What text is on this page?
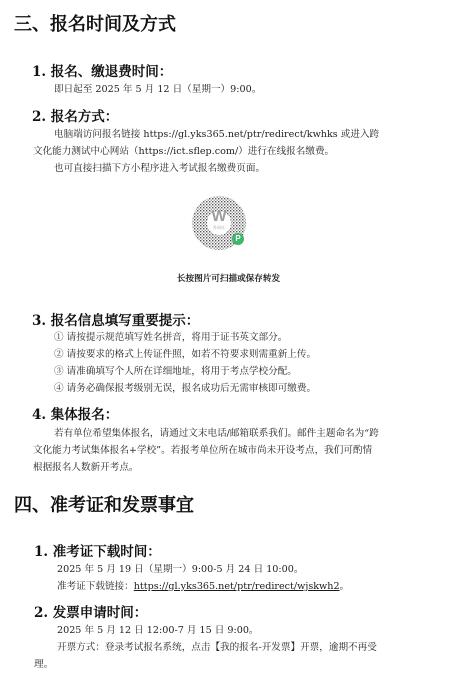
三、报名时间及方式
1. 报名、缴退费时间：
即日起至 2025 年 5 月 12 日（星期一）9:00。
2. 报名方式：
电脑端访问报名链接 https://gl.yks365.net/ptr/redirect/kwhks 或进入跨
文化能力测试中心网站（https://ict.sflep.com/）进行在线报名缴费。
也可直接扫描下方小程序进入考试报名缴费页面。
W
外研社
P
长按图片可扫描或保存转发
3. 报名信息填写重要提示：
① 请按提示规范填写姓名拼音，将用于证书英文部分。
② 请按要求的格式上传证件照，如若不符要求则需重新上传。
③ 请准确填写个人所在详细地址，将用于考点学校分配。
④ 请务必确保报考级别无误，报名成功后无需审核即可缴费。
4. 集体报名：
若有单位希望集体报名，请通过文末电话/邮箱联系我们。邮件主题命名为“跨
文化能力考试集体报名+学校”。若报考单位所在城市尚未开设考点，我们可酌情
根据报名人数新开考点。
四、准考证和发票事宜
1. 准考证下载时间：
2025 年 5 月 19 日（星期一）9:00-5 月 24 日 10:00。
准考证下载链接：https://gl.yks365.net/ptr/redirect/wjskwh2。
2. 发票申请时间：
2025 年 5 月 12 日 12:00-7 月 15 日 9:00。
开票方式：登录考试报名系统，点击【我的报名-开发票】开票，逾期不再受
理。
